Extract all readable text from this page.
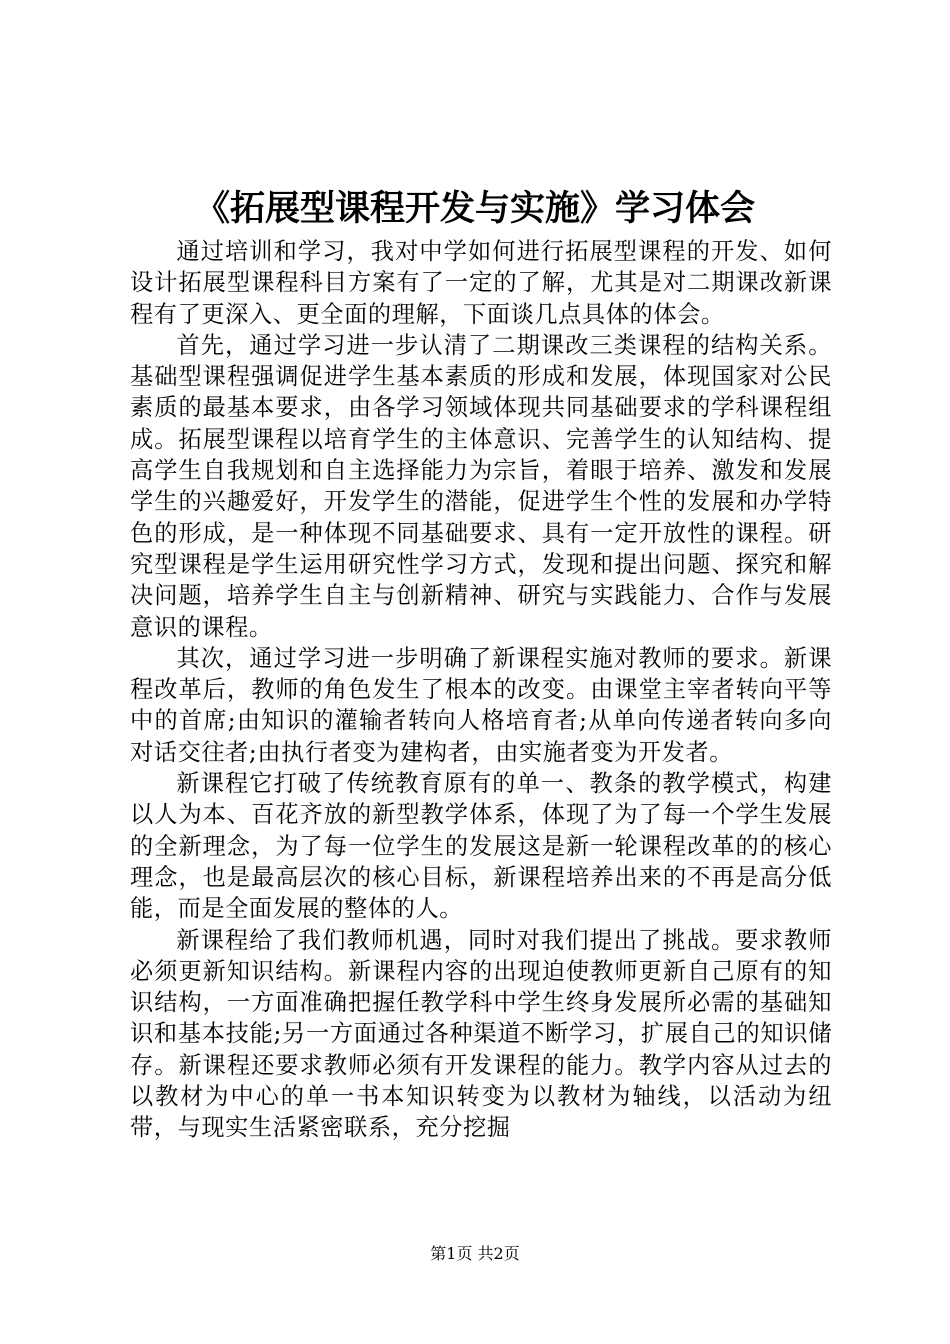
《拓展型课程开发与实施》学习体会

通过培训和学习，我对中学如何进行拓展型课程的开发、如何设计拓展型课程科目方案有了一定的了解，尤其是对二期课改新课程有了更深入、更全面的理解，下面谈几点具体的体会。

首先，通过学习进一步认清了二期课改三类课程的结构关系。基础型课程强调促进学生基本素质的形成和发展，体现国家对公民素质的最基本要求，由各学习领域体现共同基础要求的学科课程组成。拓展型课程以培育学生的主体意识、完善学生的认知结构、提高学生自我规划和自主选择能力为宗旨，着眼于培养、激发和发展学生的兴趣爱好，开发学生的潜能，促进学生个性的发展和办学特色的形成，是一种体现不同基础要求、具有一定开放性的课程。研究型课程是学生运用研究性学习方式，发现和提出问题、探究和解决问题，培养学生自主与创新精神、研究与实践能力、合作与发展意识的课程。

其次，通过学习进一步明确了新课程实施对教师的要求。新课程改革后，教师的角色发生了根本的改变。由课堂主宰者转向平等中的首席;由知识的灌输者转向人格培育者;从单向传递者转向多向对话交往者;由执行者变为建构者，由实施者变为开发者。

新课程它打破了传统教育原有的单一、教条的教学模式，构建以人为本、百花齐放的新型教学体系，体现了为了每一个学生发展的全新理念，为了每一位学生的发展这是新一轮课程改革的的核心理念，也是最高层次的核心目标，新课程培养出来的不再是高分低能，而是全面发展的整体的人。

新课程给了我们教师机遇，同时对我们提出了挑战。要求教师必须更新知识结构。新课程内容的出现迫使教师更新自己原有的知识结构，一方面准确把握任教学科中学生终身发展所必需的基础知识和基本技能;另一方面通过各种渠道不断学习，扩展自己的知识储存。新课程还要求教师必须有开发课程的能力。教学内容从过去的以教材为中心的单一书本知识转变为以教材为轴线，以活动为纽带，与现实生活紧密联系，充分挖掘

第1页 共2页
